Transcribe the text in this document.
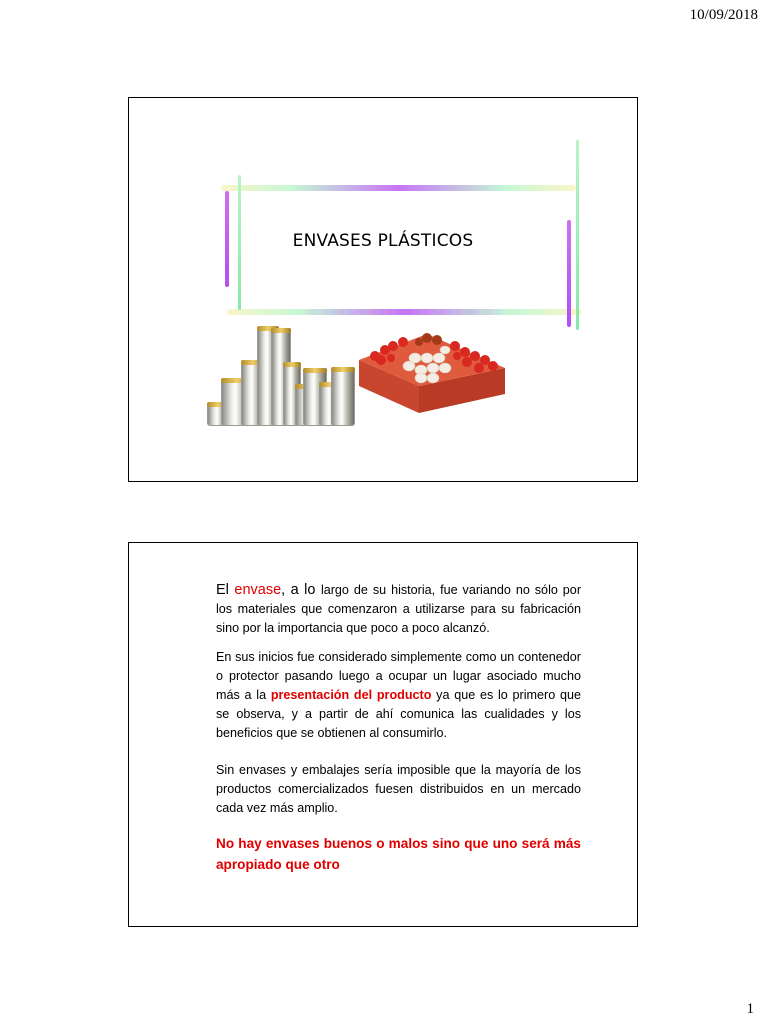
10/09/2018
ENVASES PLÁSTICOS
El envase, a lo largo de su historia, fue variando no sólo por los materiales que comenzaron a utilizarse para su fabricación sino por la importancia que poco a poco alcanzó.
En sus inicios fue considerado simplemente como un contenedor o protector pasando luego a ocupar un lugar asociado mucho más a la presentación del producto ya que es lo primero que se observa, y a partir de ahí comunica las cualidades y los beneficios que se obtienen al consumirlo.
Sin envases y embalajes sería imposible que la mayoría de los productos comercializados fuesen distribuidos en un mercado cada vez más amplio.
No hay envases buenos o malos sino que uno será más apropiado que otro
1
